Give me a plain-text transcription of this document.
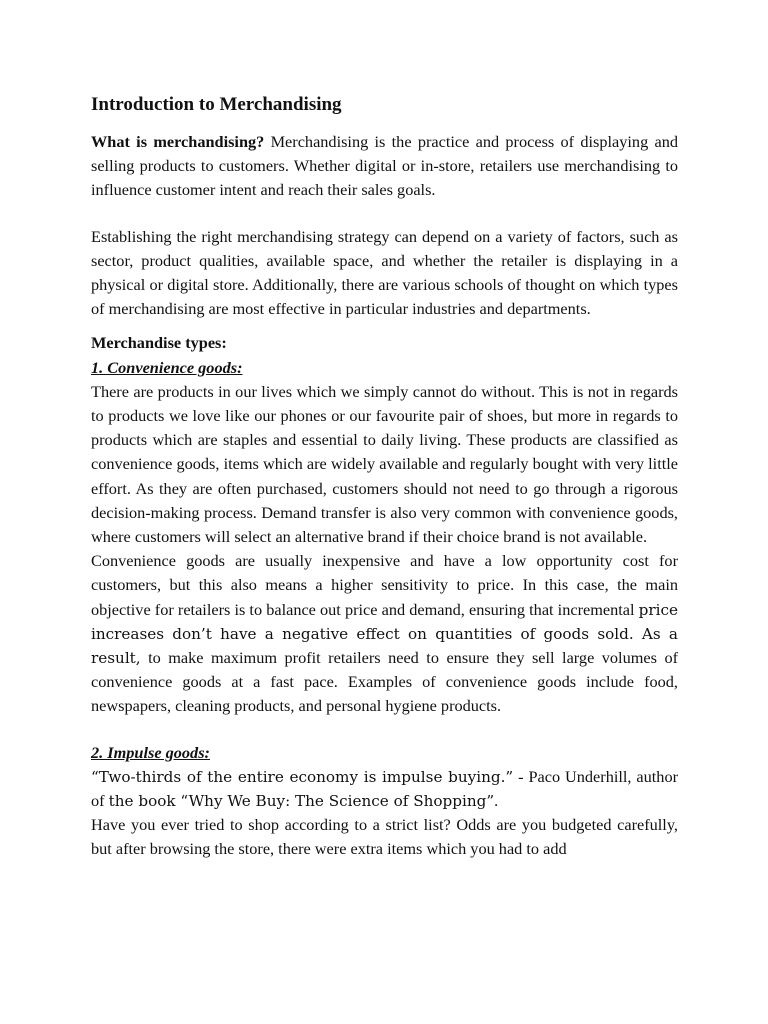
Introduction to Merchandising

What is merchandising? Merchandising is the practice and process of displaying and selling products to customers. Whether digital or in-store, retailers use merchandising to influence customer intent and reach their sales goals.

Establishing the right merchandising strategy can depend on a variety of factors, such as sector, product qualities, available space, and whether the retailer is displaying in a physical or digital store. Additionally, there are various schools of thought on which types of merchandising are most effective in particular industries and departments.

Merchandise types:

1. Convenience goods:

There are products in our lives which we simply cannot do without. This is not in regards to products we love like our phones or our favourite pair of shoes, but more in regards to products which are staples and essential to daily living. These products are classified as convenience goods, items which are widely available and regularly bought with very little effort. As they are often purchased, customers should not need to go through a rigorous decision-making process. Demand transfer is also very common with convenience goods, where customers will select an alternative brand if their choice brand is not available.

Convenience goods are usually inexpensive and have a low opportunity cost for customers, but this also means a higher sensitivity to price. In this case, the main objective for retailers is to balance out price and demand, ensuring that incremental price increases don’t have a negative effect on quantities of goods sold. As a result, to make maximum profit retailers need to ensure they sell large volumes of convenience goods at a fast pace. Examples of convenience goods include food, newspapers, cleaning products, and personal hygiene products.

2. Impulse goods:

“Two-thirds of the entire economy is impulse buying.” - Paco Underhill, author of the book “Why We Buy: The Science of Shopping”.

Have you ever tried to shop according to a strict list? Odds are you budgeted carefully, but after browsing the store, there were extra items which you had to add
